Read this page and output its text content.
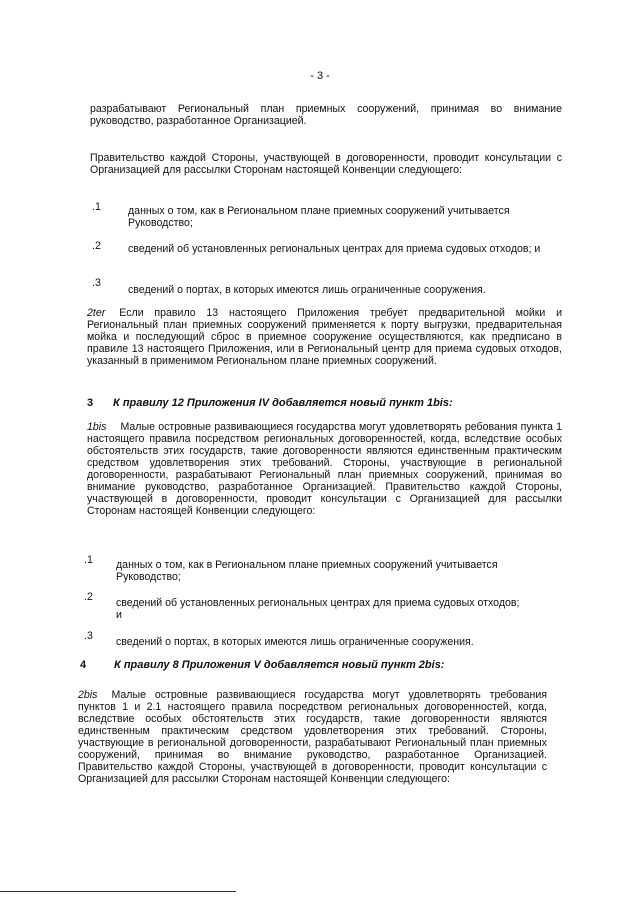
- 3 -
разрабатывают Региональный план приемных сооружений, принимая во внимание руководство, разработанное Организацией.
Правительство каждой Стороны, участвующей в договоренности, проводит консультации с Организацией для рассылки Сторонам настоящей Конвенции следующего:
.1	данных о том, как в Региональном плане приемных сооружений учитывается Руководство;
.2	сведений об установленных региональных центрах для приема судовых отходов; и
.3
сведений о портах, в которых имеются лишь ограниченные сооружения.
2ter Если правило 13 настоящего Приложения требует предварительной мойки и Региональный план приемных сооружений применяется к порту выгрузки, предварительная мойка и последующий сброс в приемное сооружение осуществляются, как предписано в правиле 13 настоящего Приложения, или в Региональный центр для приема судовых отходов, указанный в применимом Региональном плане приемных сооружений.
3 К правилу 12 Приложения IV добавляется новый пункт 1bis:
1bis Малые островные развивающиеся государства могут удовлетворять ребования пункта 1 настоящего правила посредством региональных договоренностей, когда, вследствие особых обстоятельств этих государств, такие договоренности являются единственным практическим средством удовлетворения этих требований. Стороны, участвующие в региональной договоренности, разрабатывают Региональный план приемных сооружений, принимая во внимание руководство, разработанное Организацией. Правительство каждой Стороны, участвующей в договоренности, проводит консультации с Организацией для рассылки Сторонам настоящей Конвенции следующего:
.1 данных о том, как в Региональном плане приемных сооружений учитывается Руководство;
.2 сведений об установленных региональных центрах для приема судовых отходов; и
.3 сведений о портах, в которых имеются лишь ограниченные сооружения.
4	К правилу 8 Приложения V добавляется новый пункт 2bis:
2bis Малые островные развивающиеся государства могут удовлетворять требования пунктов 1 и 2.1 настоящего правила посредством региональных договоренностей, когда, вследствие особых обстоятельств этих государств, такие договоренности являются единственным практическим средством удовлетворения этих требований. Стороны, участвующие в региональной договоренности, разрабатывают Региональный план приемных сооружений, принимая во внимание руководство, разработанное Организацией. Правительство каждой Стороны, участвующей в договоренности, проводит консультации с Организацией для рассылки Сторонам настоящей Конвенции следующего:
